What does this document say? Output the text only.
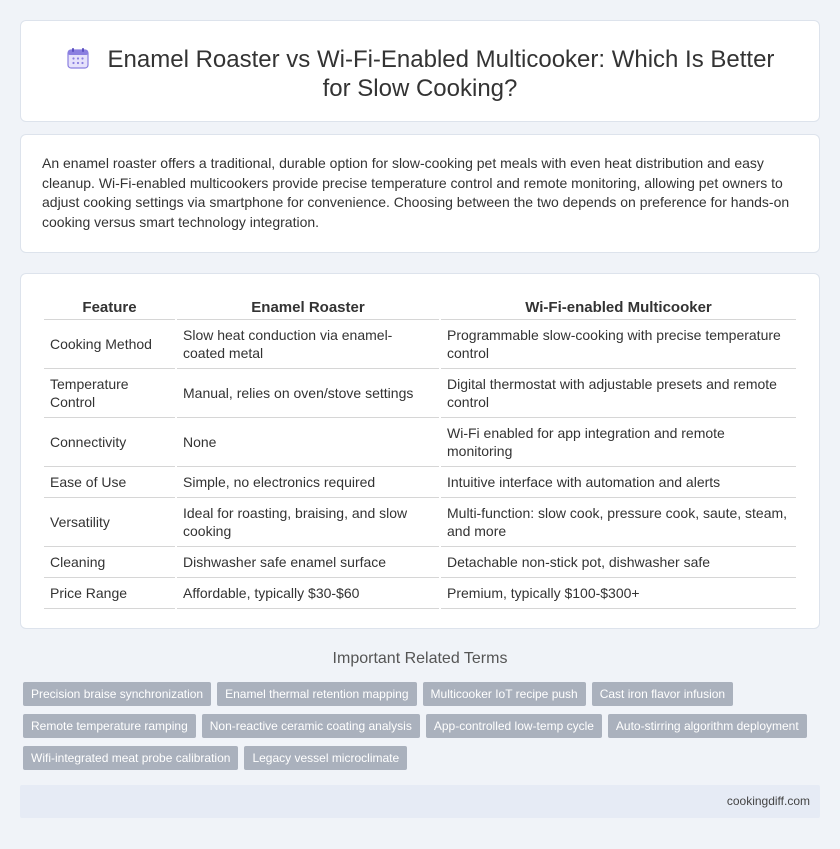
Enamel Roaster vs Wi-Fi-Enabled Multicooker: Which Is Better for Slow Cooking?

An enamel roaster offers a traditional, durable option for slow-cooking pet meals with even heat distribution and easy cleanup. Wi-Fi-enabled multicookers provide precise temperature control and remote monitoring, allowing pet owners to adjust cooking settings via smartphone for convenience. Choosing between the two depends on preference for hands-on cooking versus smart technology integration.

Feature	Enamel Roaster	Wi-Fi-enabled Multicooker
Cooking Method	Slow heat conduction via enamel-coated metal	Programmable slow-cooking with precise temperature control
Temperature Control	Manual, relies on oven/stove settings	Digital thermostat with adjustable presets and remote control
Connectivity	None	Wi-Fi enabled for app integration and remote monitoring
Ease of Use	Simple, no electronics required	Intuitive interface with automation and alerts
Versatility	Ideal for roasting, braising, and slow cooking	Multi-function: slow cook, pressure cook, saute, steam, and more
Cleaning	Dishwasher safe enamel surface	Detachable non-stick pot, dishwasher safe
Price Range	Affordable, typically $30-$60	Premium, typically $100-$300+
Important Related Terms
Precision braise synchronization	Enamel thermal retention mapping	Multicooker IoT recipe push	Cast iron flavor infusion
Remote temperature ramping	Non-reactive ceramic coating analysis	App-controlled low-temp cycle	Auto-stirring algorithm deployment
Wifi-integrated meat probe calibration	Legacy vessel microclimate
cookingdiff.com
